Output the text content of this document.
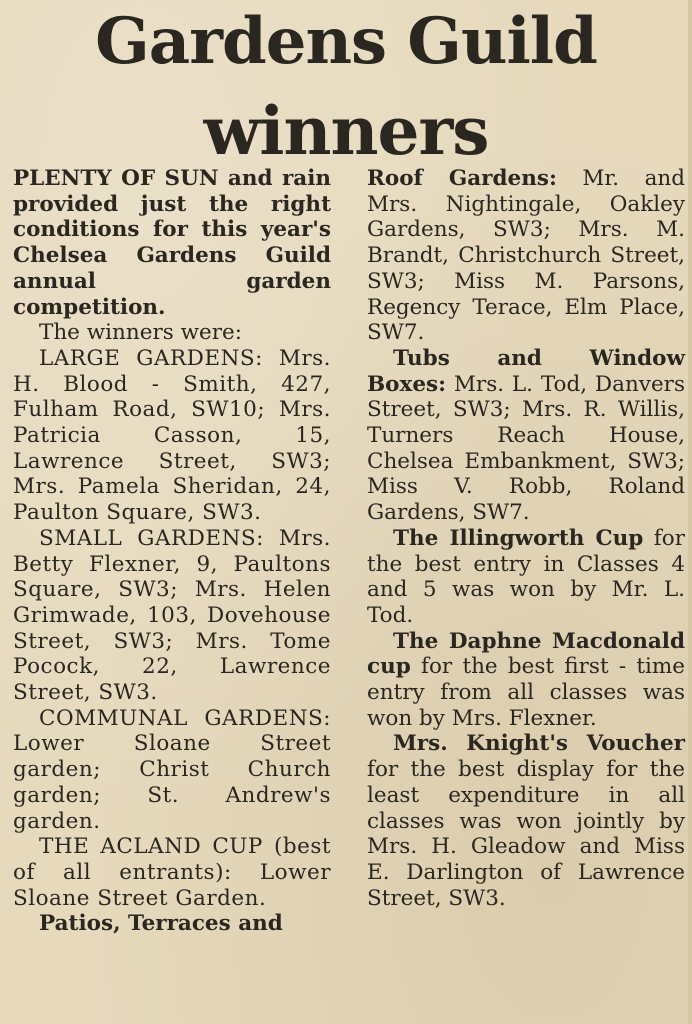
Gardens Guild
winners

PLENTY OF SUN and rain provided just the right conditions for this year's Chelsea Gardens Guild annual garden competition.

The winners were:

LARGE GARDENS: Mrs. H. Blood - Smith, 427, Fulham Road, SW10; Mrs. Patricia Casson, 15, Lawrence Street, SW3; Mrs. Pamela Sheridan, 24, Paulton Square, SW3.

SMALL GARDENS: Mrs. Betty Flexner, 9, Paultons Square, SW3; Mrs. Helen Grimwade, 103, Dovehouse Street, SW3; Mrs. Tome Pocock, 22, Lawrence Street, SW3.

COMMUNAL GARDENS: Lower Sloane Street garden; Christ Church garden; St. Andrew's garden.

THE ACLAND CUP (best of all entrants): Lower Sloane Street Garden.

Patios, Terraces and

Roof Gardens: Mr. and Mrs. Nightingale, Oakley Gardens, SW3; Mrs. M. Brandt, Christchurch Street, SW3; Miss M. Parsons, Regency Terace, Elm Place, SW7.

Tubs and Window Boxes: Mrs. L. Tod, Danvers Street, SW3; Mrs. R. Willis, Turners Reach House, Chelsea Embankment, SW3; Miss V. Robb, Roland Gardens, SW7.

The Illingworth Cup for the best entry in Classes 4 and 5 was won by Mr. L. Tod.

The Daphne Macdonald cup for the best first - time entry from all classes was won by Mrs. Flexner.

Mrs. Knight's Voucher for the best display for the least expenditure in all classes was won jointly by Mrs. H. Gleadow and Miss E. Darlington of Lawrence Street, SW3.
